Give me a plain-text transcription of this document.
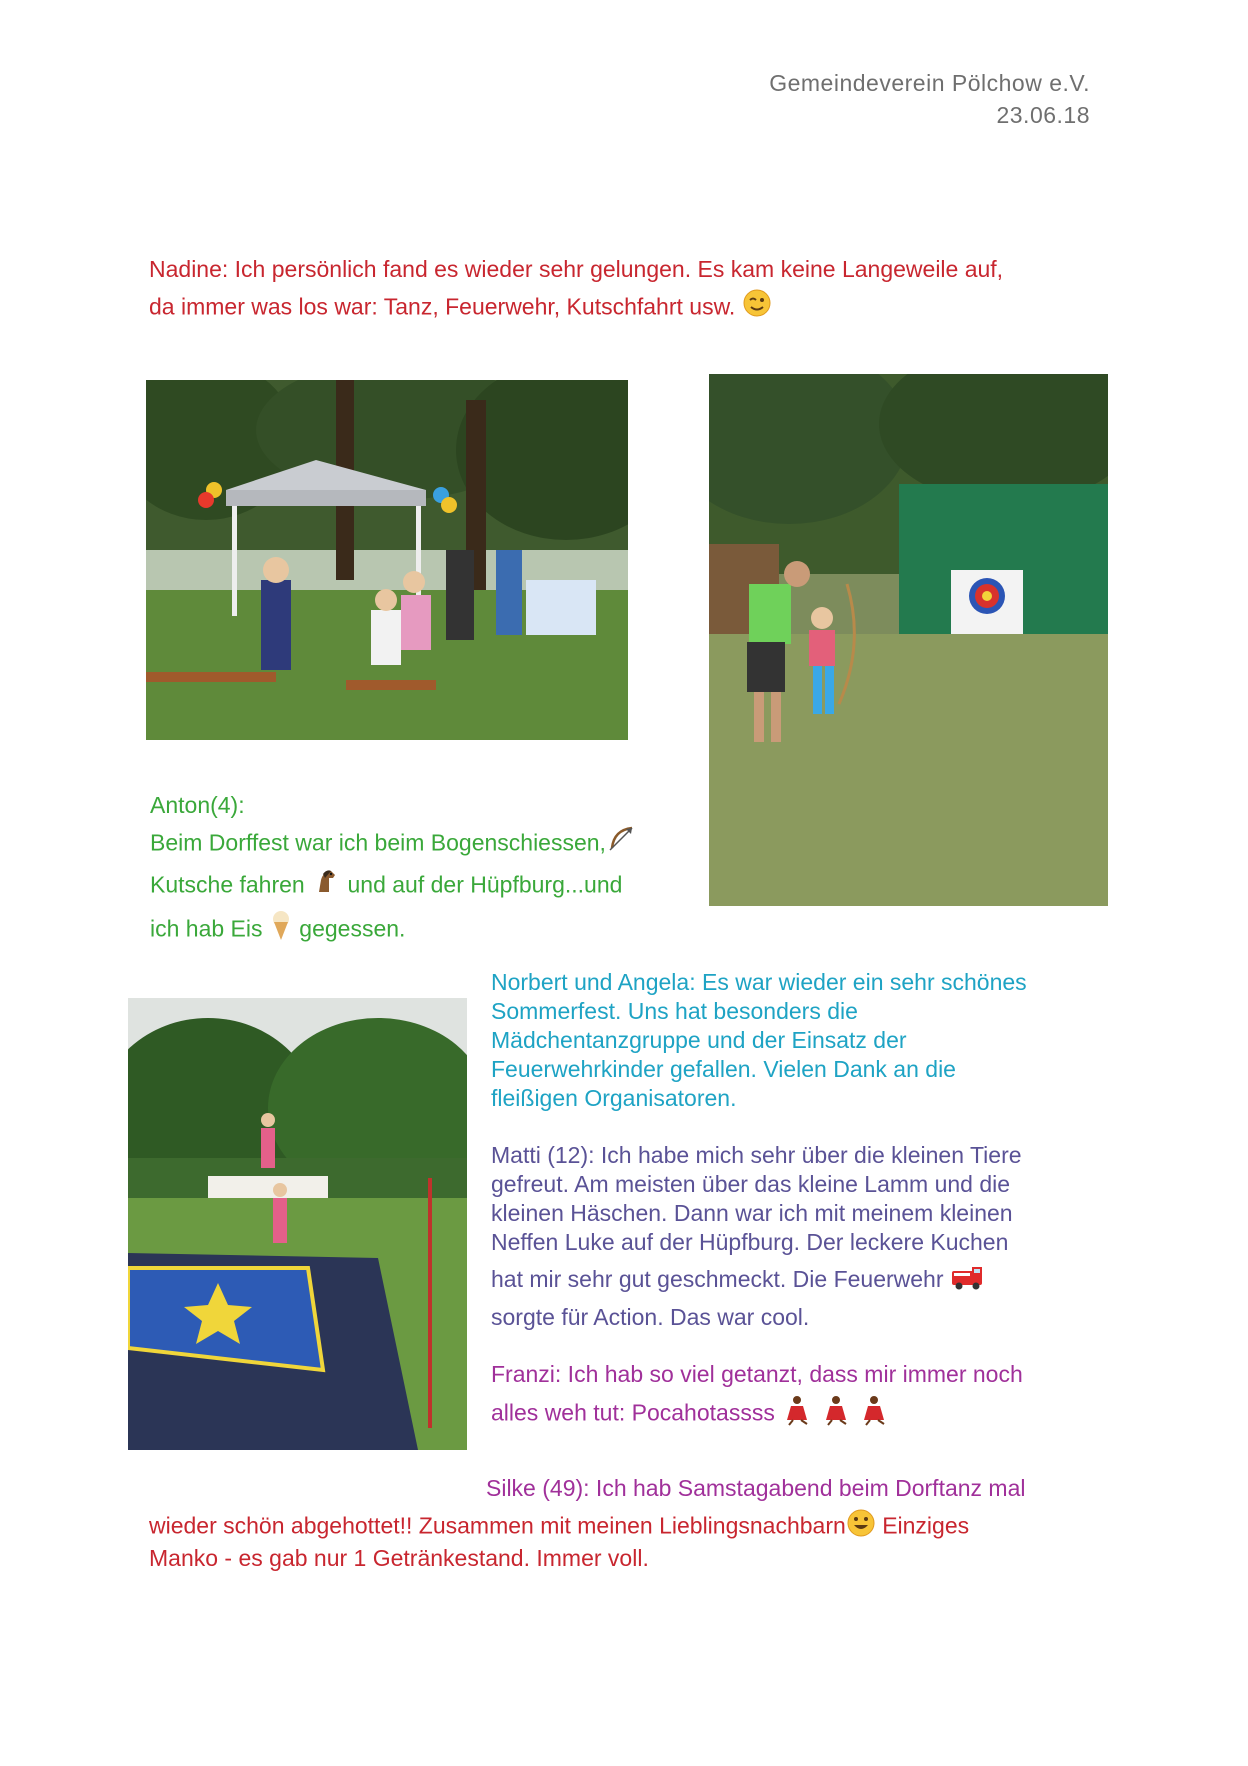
Gemeindeverein Pölchow e.V.
23.06.18
Nadine: Ich persönlich fand es wieder sehr gelungen. Es kam keine Langeweile auf,
da immer was los war: Tanz, Feuerwehr, Kutschfahrt usw.
Anton(4):
Beim Dorffest war ich beim Bogenschiessen,
Kutsche fahren und auf der Hüpfburg...und
ich hab Eis gegessen.
Norbert und Angela: Es war wieder ein sehr schönes
Sommerfest. Uns hat besonders die
Mädchentanzgruppe und der Einsatz der
Feuerwehrkinder gefallen. Vielen Dank an die
fleißigen Organisatoren.
Matti (12): Ich habe mich sehr über die kleinen Tiere
gefreut. Am meisten über das kleine Lamm und die
kleinen Häschen. Dann war ich mit meinem kleinen
Neffen Luke auf der Hüpfburg. Der leckere Kuchen
hat mir sehr gut geschmeckt. Die Feuerwehr
sorgte für Action. Das war cool.
Franzi: Ich hab so viel getanzt, dass mir immer noch
alles weh tut: Pocahotassss
Silke (49): Ich hab Samstagabend beim Dorftanz mal
wieder schön abgehottet!! Zusammen mit meinen Lieblingsnachbarn Einziges
Manko - es gab nur 1 Getränkestand. Immer voll.
